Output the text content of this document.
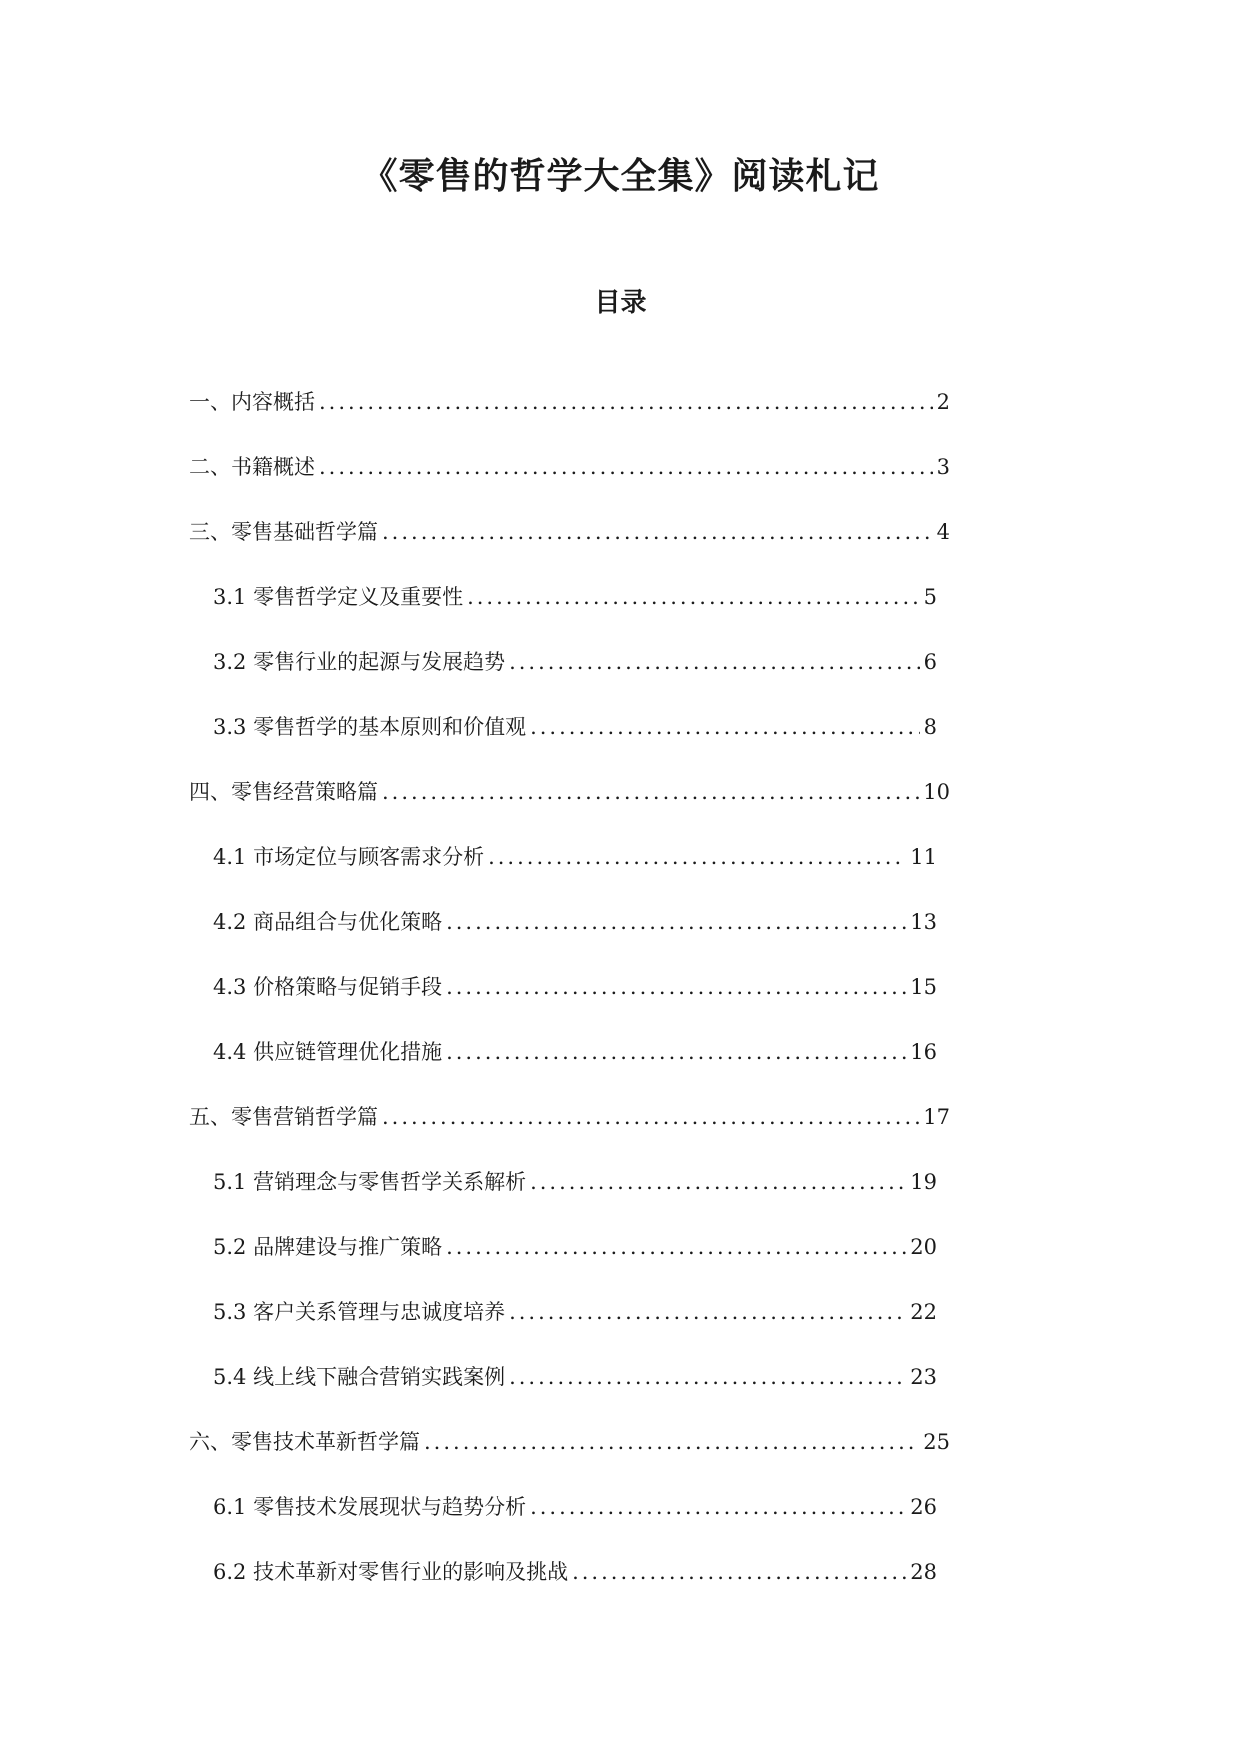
《零售的哲学大全集》阅读札记
目录
一、内容概括 .....	2
二、书籍概述 .....	3
三、零售基础哲学篇 .....	4
3.1 零售哲学定义及重要性 .....	5
3.2 零售行业的起源与发展趋势 .....	6
3.3 零售哲学的基本原则和价值观 .....	8
四、零售经营策略篇 .....	10
4.1 市场定位与顾客需求分析 .....	11
4.2 商品组合与优化策略 .....	13
4.3 价格策略与促销手段 .....	15
4.4 供应链管理优化措施 .....	16
五、零售营销哲学篇 .....	17
5.1 营销理念与零售哲学关系解析 .....	19
5.2 品牌建设与推广策略 .....	20
5.3 客户关系管理与忠诚度培养 .....	22
5.4 线上线下融合营销实践案例 .....	23
六、零售技术革新哲学篇 .....	25
6.1 零售技术发展现状与趋势分析 .....	26
6.2 技术革新对零售行业的影响及挑战 .....	28
